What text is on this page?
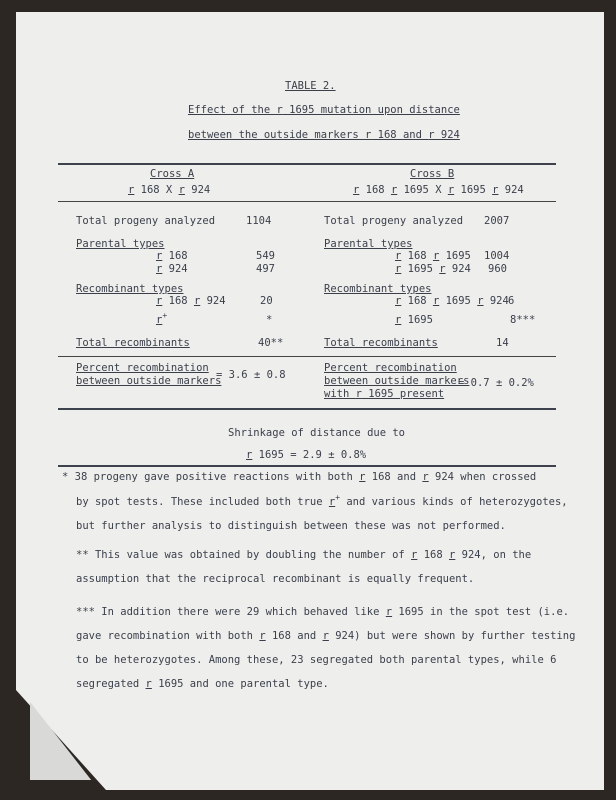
TABLE 2.
Effect of the r 1695 mutation upon distance
between the outside markers r 168 and r 924
Cross A
r 168 X r 924
Cross B
r 168 r 1695 X r 1695 r 924
Total progeny analyzed	1104
Parental types
r 168	549
r 924	497
Recombinant types
r 168 r 924	20
r+	*
Total recombinants	40**
Total progeny analyzed 2007
Parental types
r 168 r 1695 1004
r 1695 r 924 960
Recombinant types
r 168 r 1695 r 924 6
r 1695	8***
Total recombinants	14
Percent recombination
between outside markers
= 3.6 ± 0.8
Percent recombination
between outside markers
with r 1695 present
= 0.7 ± 0.2%
Shrinkage of distance due to
r 1695 = 2.9 ± 0.8%
* 38 progeny gave positive reactions with both r 168 and r 924 when crossed
by spot tests. These included both true r+ and various kinds of heterozygotes,
but further analysis to distinguish between these was not performed.
** This value was obtained by doubling the number of r 168 r 924, on the
assumption that the reciprocal recombinant is equally frequent.
*** In addition there were 29 which behaved like r 1695 in the spot test (i.e.
gave recombination with both r 168 and r 924) but were shown by further testing
to be heterozygotes. Among these, 23 segregated both parental types, while 6
segregated r 1695 and one parental type.
